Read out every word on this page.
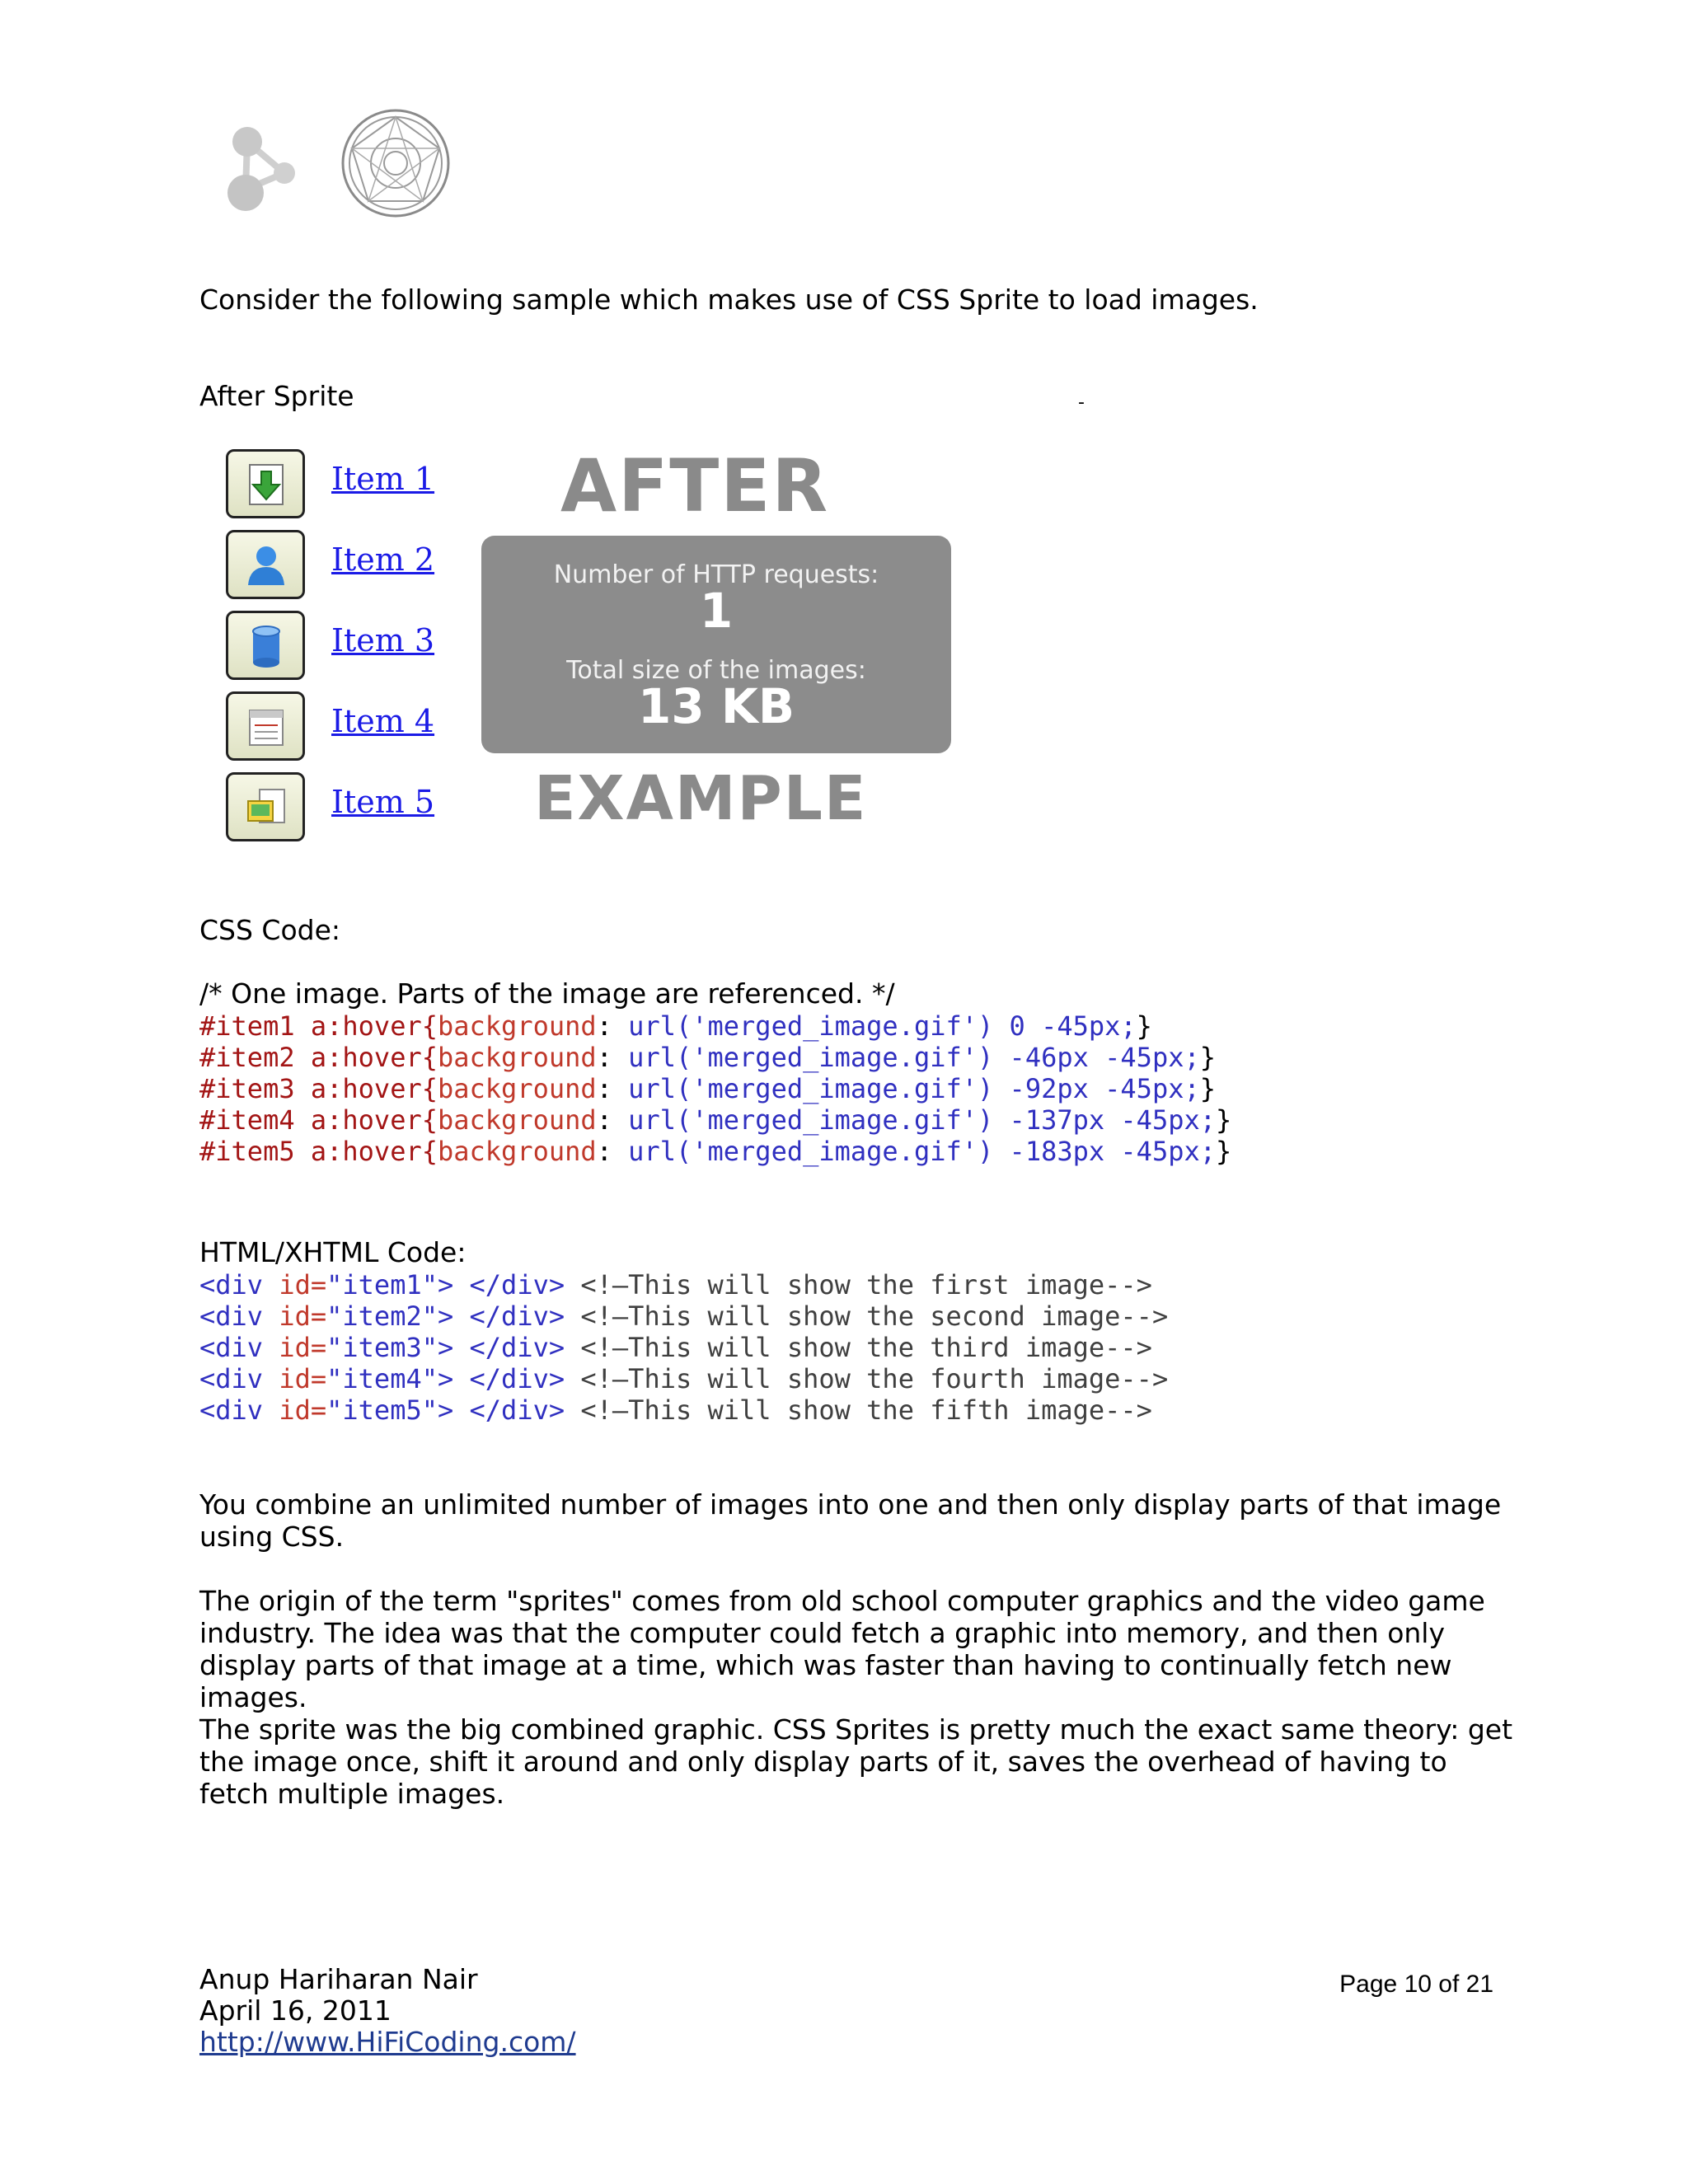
Consider the following sample which makes use of CSS Sprite to load images.
After Sprite	-
Item 1
Item 2
Item 3
Item 4
Item 5
AFTER
Number of HTTP requests:
1
Total size of the images:
13 KB
EXAMPLE
CSS Code:
/* One image. Parts of the image are referenced. */
#item1 a:hover{background: url('merged_image.gif') 0 -45px;}
#item2 a:hover{background: url('merged_image.gif') -46px -45px;}
#item3 a:hover{background: url('merged_image.gif') -92px -45px;}
#item4 a:hover{background: url('merged_image.gif') -137px -45px;}
#item5 a:hover{background: url('merged_image.gif') -183px -45px;}
HTML/XHTML Code:
<div id="item1"> </div> <!—This will show the first image-->
<div id="item2"> </div> <!—This will show the second image-->
<div id="item3"> </div> <!—This will show the third image-->
<div id="item4"> </div> <!—This will show the fourth image-->
<div id="item5"> </div> <!—This will show the fifth image-->
You combine an unlimited number of images into one and then only display parts of that image using CSS.
The origin of the term "sprites" comes from old school computer graphics and the video game industry. The idea was that the computer could fetch a graphic into memory, and then only display parts of that image at a time, which was faster than having to continually fetch new images.
The sprite was the big combined graphic. CSS Sprites is pretty much the exact same theory: get the image once, shift it around and only display parts of it, saves the overhead of having to fetch multiple images.
Anup Hariharan Nair
April 16, 2011
http://www.HiFiCoding.com/
Page 10 of 21
